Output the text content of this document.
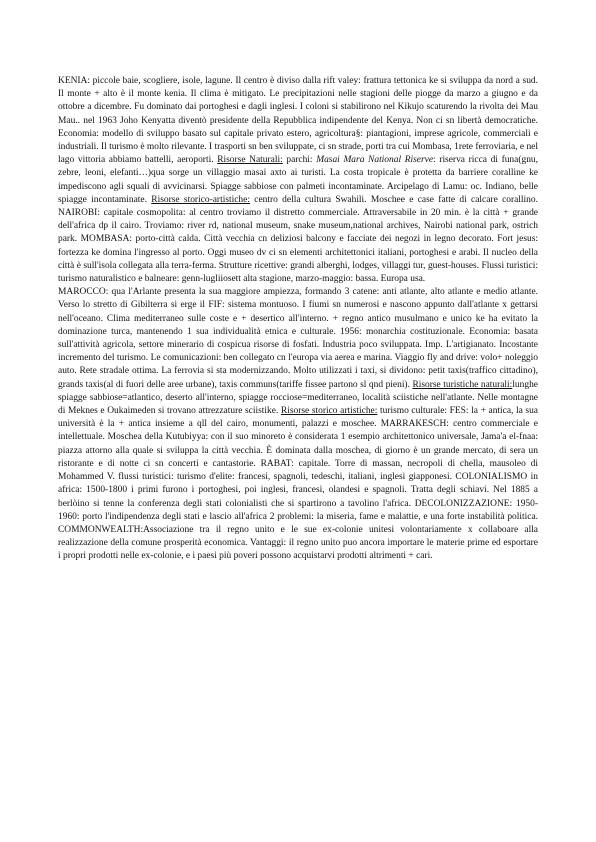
KENIA: piccole baie, scogliere, isole, lagune. Il centro è diviso dalla rift valey: frattura tettonica ke si sviluppa da nord a sud. Il monte + alto è il monte kenia. Il clima è mitigato. Le precipitazioni nelle stagioni delle piogge da marzo a giugno e da ottobre a dicembre. Fu dominato dai portoghesi e dagli inglesi. I coloni si stabilirono nel Kikujo scaturendo la rivolta dei Mau Mau.. nel 1963 Joho Kenyatta diventò presidente della Repubblica indipendente del Kenya. Non ci sn libertà democratiche. Economia: modello di sviluppo basato sul capitale privato estero, agricoltura§: piantagioni, imprese agricole, commerciali e industriali. Il turismo è molto rilevante. I trasporti sn ben sviluppate, ci sn strade, porti tra cui Mombasa, 1rete ferroviaria, e nel lago vittoria abbiamo battelli, aeroporti. Risorse Naturali: parchi: Masai Mara National Riserve: riserva ricca di funa(gnu, zebre, leoni, elefanti…)qua sorge un villaggio masai axto ai turisti. La costa tropicale è protetta da barriere coralline ke impediscono agli squali di avvicinarsi. Spiagge sabbiose con palmeti incontaminate. Arcipelago di Lamu: oc. Indiano, belle spiagge incontaminate. Risorse storico-artistiche: centro della cultura Swahili. Moschee e case fatte di calcare corallino. NAIROBI: capitale cosmopolita: al centro troviamo il distretto commerciale. Attraversabile in 20 min. è la città + grande dell'africa dp il cairo. Troviamo: river rd, national museum, snake museum,national archives, Nairobi national park, ostrich park. MOMBASA: porto-città calda. Città vecchia cn deliziosi balcony e facciate dei negozi in legno decorato. Fort jesus: fortezza ke domina l'ingresso al porto. Oggi museo dv ci sn elementi architettonici italiani, portoghesi e arabi. Il nucleo della città è sull'isola collegata alla terra-ferma. Strutture ricettive: grandi alberghi, lodges, villaggi tur, guest-houses. Flussi turistici: turismo naturalistico e balneare: genn-lugliiosett alta stagione, marzo-maggio: bassa. Europa usa.

MAROCCO: qua l'Arlante presenta la sua maggiore ampiezza, formando 3 catene: anti atlante, alto atlante e medio atlante. Verso lo stretto di Gibilterra si erge il FIF: sistema montuoso. I fiumi sn numerosi e nascono appunto dall'atlante x gettarsi nell'oceano. Clima mediterraneo sulle coste e + desertico all'interno. + regno antico musulmano e unico ke ha evitato la dominazione turca, mantenendo 1 sua individualità etnica e culturale. 1956: monarchia costituzionale. Economia: basata sull'attività agricola, settore minerario di cospicua risorse di fosfati. Industria poco sviluppata. Imp. L'artigianato. Incostante incremento del turismo. Le comunicazioni: ben collegato cn l'europa via aerea e marina. Viaggio fly and drive: volo+ noleggio auto. Rete stradale ottima. La ferrovia si sta modernizzando. Molto utilizzati i taxi, si dividono: petit taxis(traffico cittadino), grands taxis(al di fuori delle aree urbane), taxis communs(tariffe fissee partono sl qnd pieni). Risorse turistiche naturali:lunghe spiagge sabbiose=atlantico, deserto all'interno, spiagge rocciose=mediterraneo, località sciistiche nell'atlante. Nelle montagne di Meknes e Oukaimeden si trovano attrezzature sciistike. Risorse storico artistiche: turismo culturale: FES: la + antica, la sua università è la + antica insieme a qll del cairo, monumenti, palazzi e moschee. MARRAKESCH: centro commerciale e intellettuale. Moschea della Kutubiyya: con il suo minoreto è considerata 1 esempio architettonico universale, Jama'a el-fnaa: piazza attorno alla quale si sviluppa la città vecchia. È dominata dalla moschea, di giorno è un grande mercato, di sera un ristorante e di notte ci sn concerti e cantastorie. RABAT: capitale. Torre di massan, necropoli di chella, mausoleo di Mohammed V. flussi turistici: turismo d'elite: francesi, spagnoli, tedeschi, italiani, inglesi giapponesi. COLONIALISMO in africa: 1500-1800 i primi furono i portoghesi, poi inglesi, francesi, olandesi e spagnoli. Tratta degli schiavi. Nel 1885 a berlòino si tenne la conferenza degli stati colonialisti che si spartirono a tavolino l'africa. DECOLONIZZAZIONE: 1950-1960: porto l'indipendenza degli stati e lascio all'africa 2 problemi: la miseria, fame e malattie, e una forte instabilità politica. COMMONWEALTH:Associazione tra il regno unito e le sue ex-colonie unitesi volontariamente x collaboare alla realizzazione della comune prosperità economica. Vantaggi: il regno unito puo ancora importare le materie prime ed esportare i propri prodotti nelle ex-colonie, e i paesi più poveri possono acquistarvi prodotti altrimenti + cari.
